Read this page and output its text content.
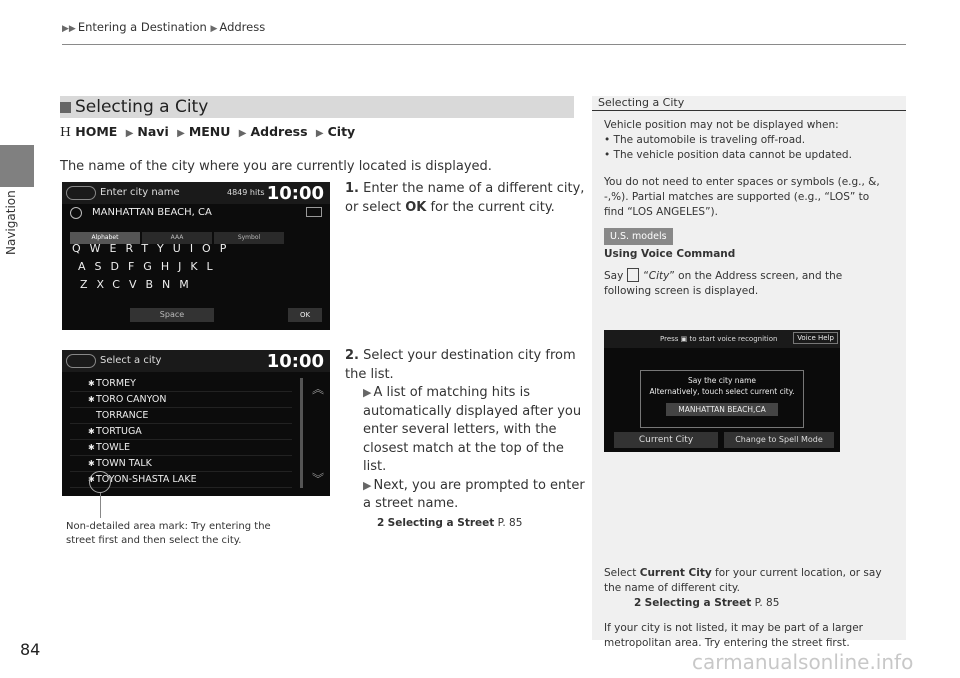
Navigation
84
▶▶ Entering a Destination ▶ Address
Selecting a City
H HOME ▶ Navi ▶ MENU ▶ Address ▶ City
The name of the city where you are currently located is displayed.
Enter city name	4849 hits 10:00
MANHATTAN BEACH, CA
Alphabet	AAA	Symbol
QWERTYUIOP
ASDFGHJKL
ZXCVBNM
Space	OK
1. Enter the name of a different city, or select OK for the current city.
Select a city	10:00
✱ TORMEY
✱ TORO CANYON
TORRANCE
✱ TORTUGA
✱ TOWLE
✱ TOWN TALK
✱ TOYON-SHASTA LAKE
︽
︾
Non-detailed area mark: Try entering the street first and then select the city.
2. Select your destination city from the list.
▶ A list of matching hits is automatically displayed after you enter several letters, with the closest match at the top of the list.
▶ Next, you are prompted to enter a street name.
2 Selecting a Street P. 85
Selecting a City
Vehicle position may not be displayed when:
• The automobile is traveling off-road.
• The vehicle position data cannot be updated.
You do not need to enter spaces or symbols (e.g., &, -,%). Partial matches are supported (e.g., “LOS” to find “LOS ANGELES”).
U.S. models
Using Voice Command
Say “City” on the Address screen, and the following screen is displayed.
Select Current City for your current location, or say the name of different city.
2 Selecting a Street P. 85
If your city is not listed, it may be part of a larger metropolitan area. Try entering the street first.
Press ▣ to start voice recognition	Voice Help
Say the city name
Alternatively, touch select current city.
MANHATTAN BEACH,CA
Current City	Change to Spell Mode
carmanualsonline.info
